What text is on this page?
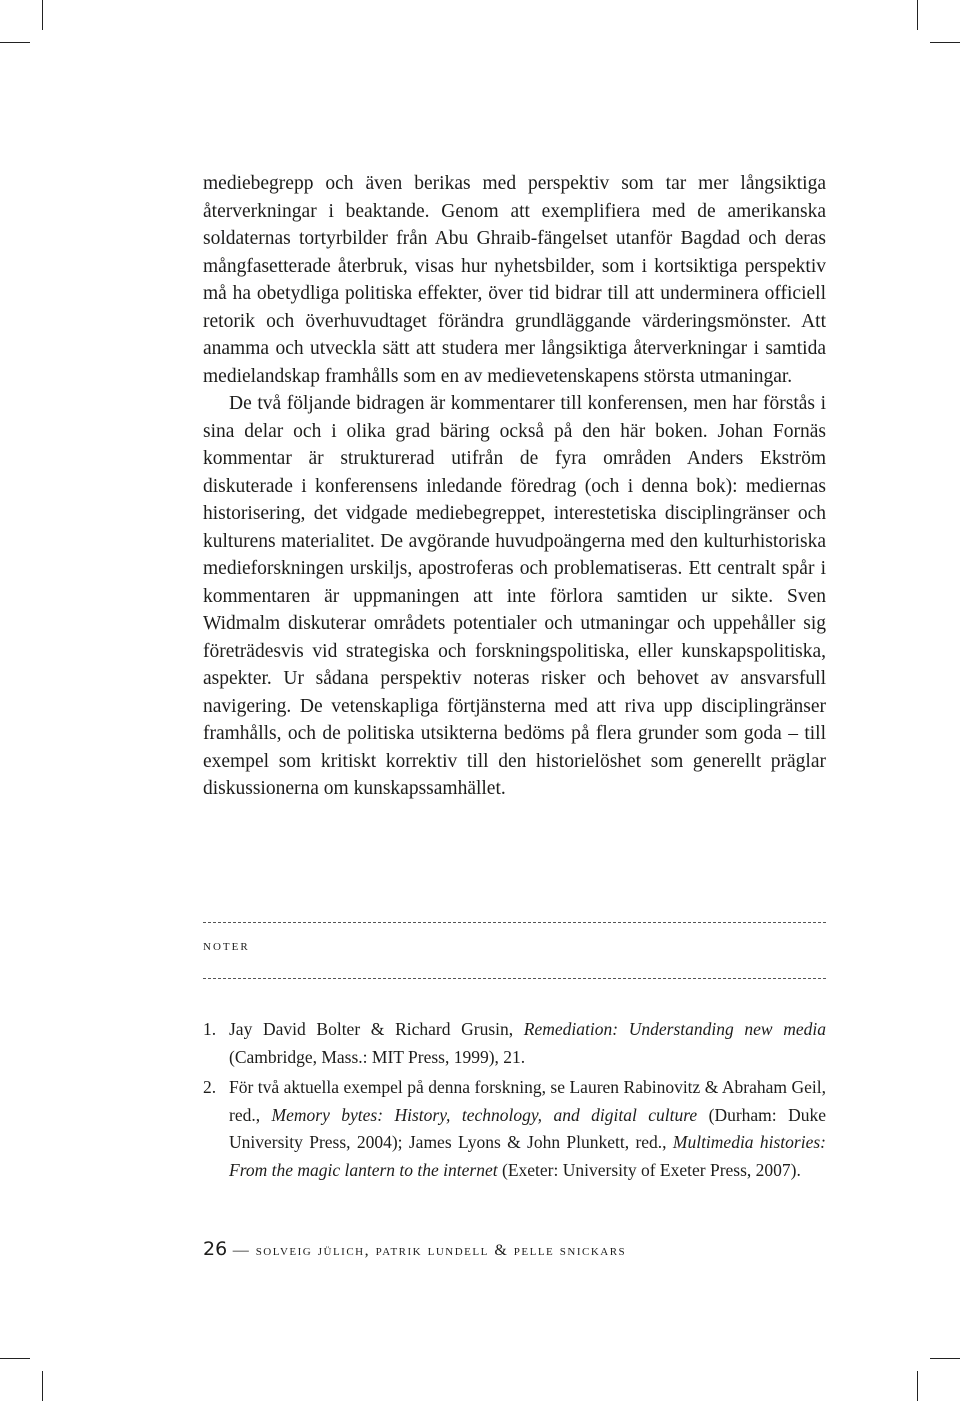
mediebegrepp och även berikas med perspektiv som tar mer långsiktiga återverkningar i beaktande. Genom att exemplifiera med de amerikanska soldaternas tortyrbilder från Abu Ghraib-fängelset utanför Bagdad och deras mångfasetterade återbruk, visas hur nyhetsbilder, som i kortsiktiga perspektiv må ha obetydliga politiska effekter, över tid bidrar till att underminera officiell retorik och överhuvudtaget förändra grundläggande värderingsmönster. Att anamma och utveckla sätt att studera mer långsiktiga återverkningar i samtida medielandskap framhålls som en av medievetenskapens största utmaningar.

De två följande bidragen är kommentarer till konferensen, men har förstås i sina delar och i olika grad bäring också på den här boken. Johan Fornäs kommentar är strukturerad utifrån de fyra områden Anders Ekström diskuterade i konferensens inledande föredrag (och i denna bok): mediernas historisering, det vidgade mediebegreppet, interestetiska disciplingränser och kulturens materialitet. De avgörande huvudpoängerna med den kulturhistoriska medieforskningen urskiljs, apostroferas och problematiseras. Ett centralt spår i kommentaren är uppmaningen att inte förlora samtiden ur sikte. Sven Widmalm diskuterar områdets potentialer och utmaningar och uppehåller sig företrädesvis vid strategiska och forskningspolitiska, eller kunskapspolitiska, aspekter. Ur sådana perspektiv noteras risker och behovet av ansvarsfull navigering. De vetenskapliga förtjänsterna med att riva upp disciplingränser framhålls, och de politiska utsikterna bedöms på flera grunder som goda – till exempel som kritiskt korrektiv till den historielöshet som generellt präglar diskussionerna om kunskapssamhället.

noter
1. Jay David Bolter & Richard Grusin, Remediation: Understanding new media (Cambridge, Mass.: MIT Press, 1999), 21.
2. För två aktuella exempel på denna forskning, se Lauren Rabinovitz & Abraham Geil, red., Memory bytes: History, technology, and digital culture (Durham: Duke University Press, 2004); James Lyons & John Plunkett, red., Multimedia histories: From the magic lantern to the internet (Exeter: University of Exeter Press, 2007).
26 — solveig jülich, patrik lundell & pelle snickars
